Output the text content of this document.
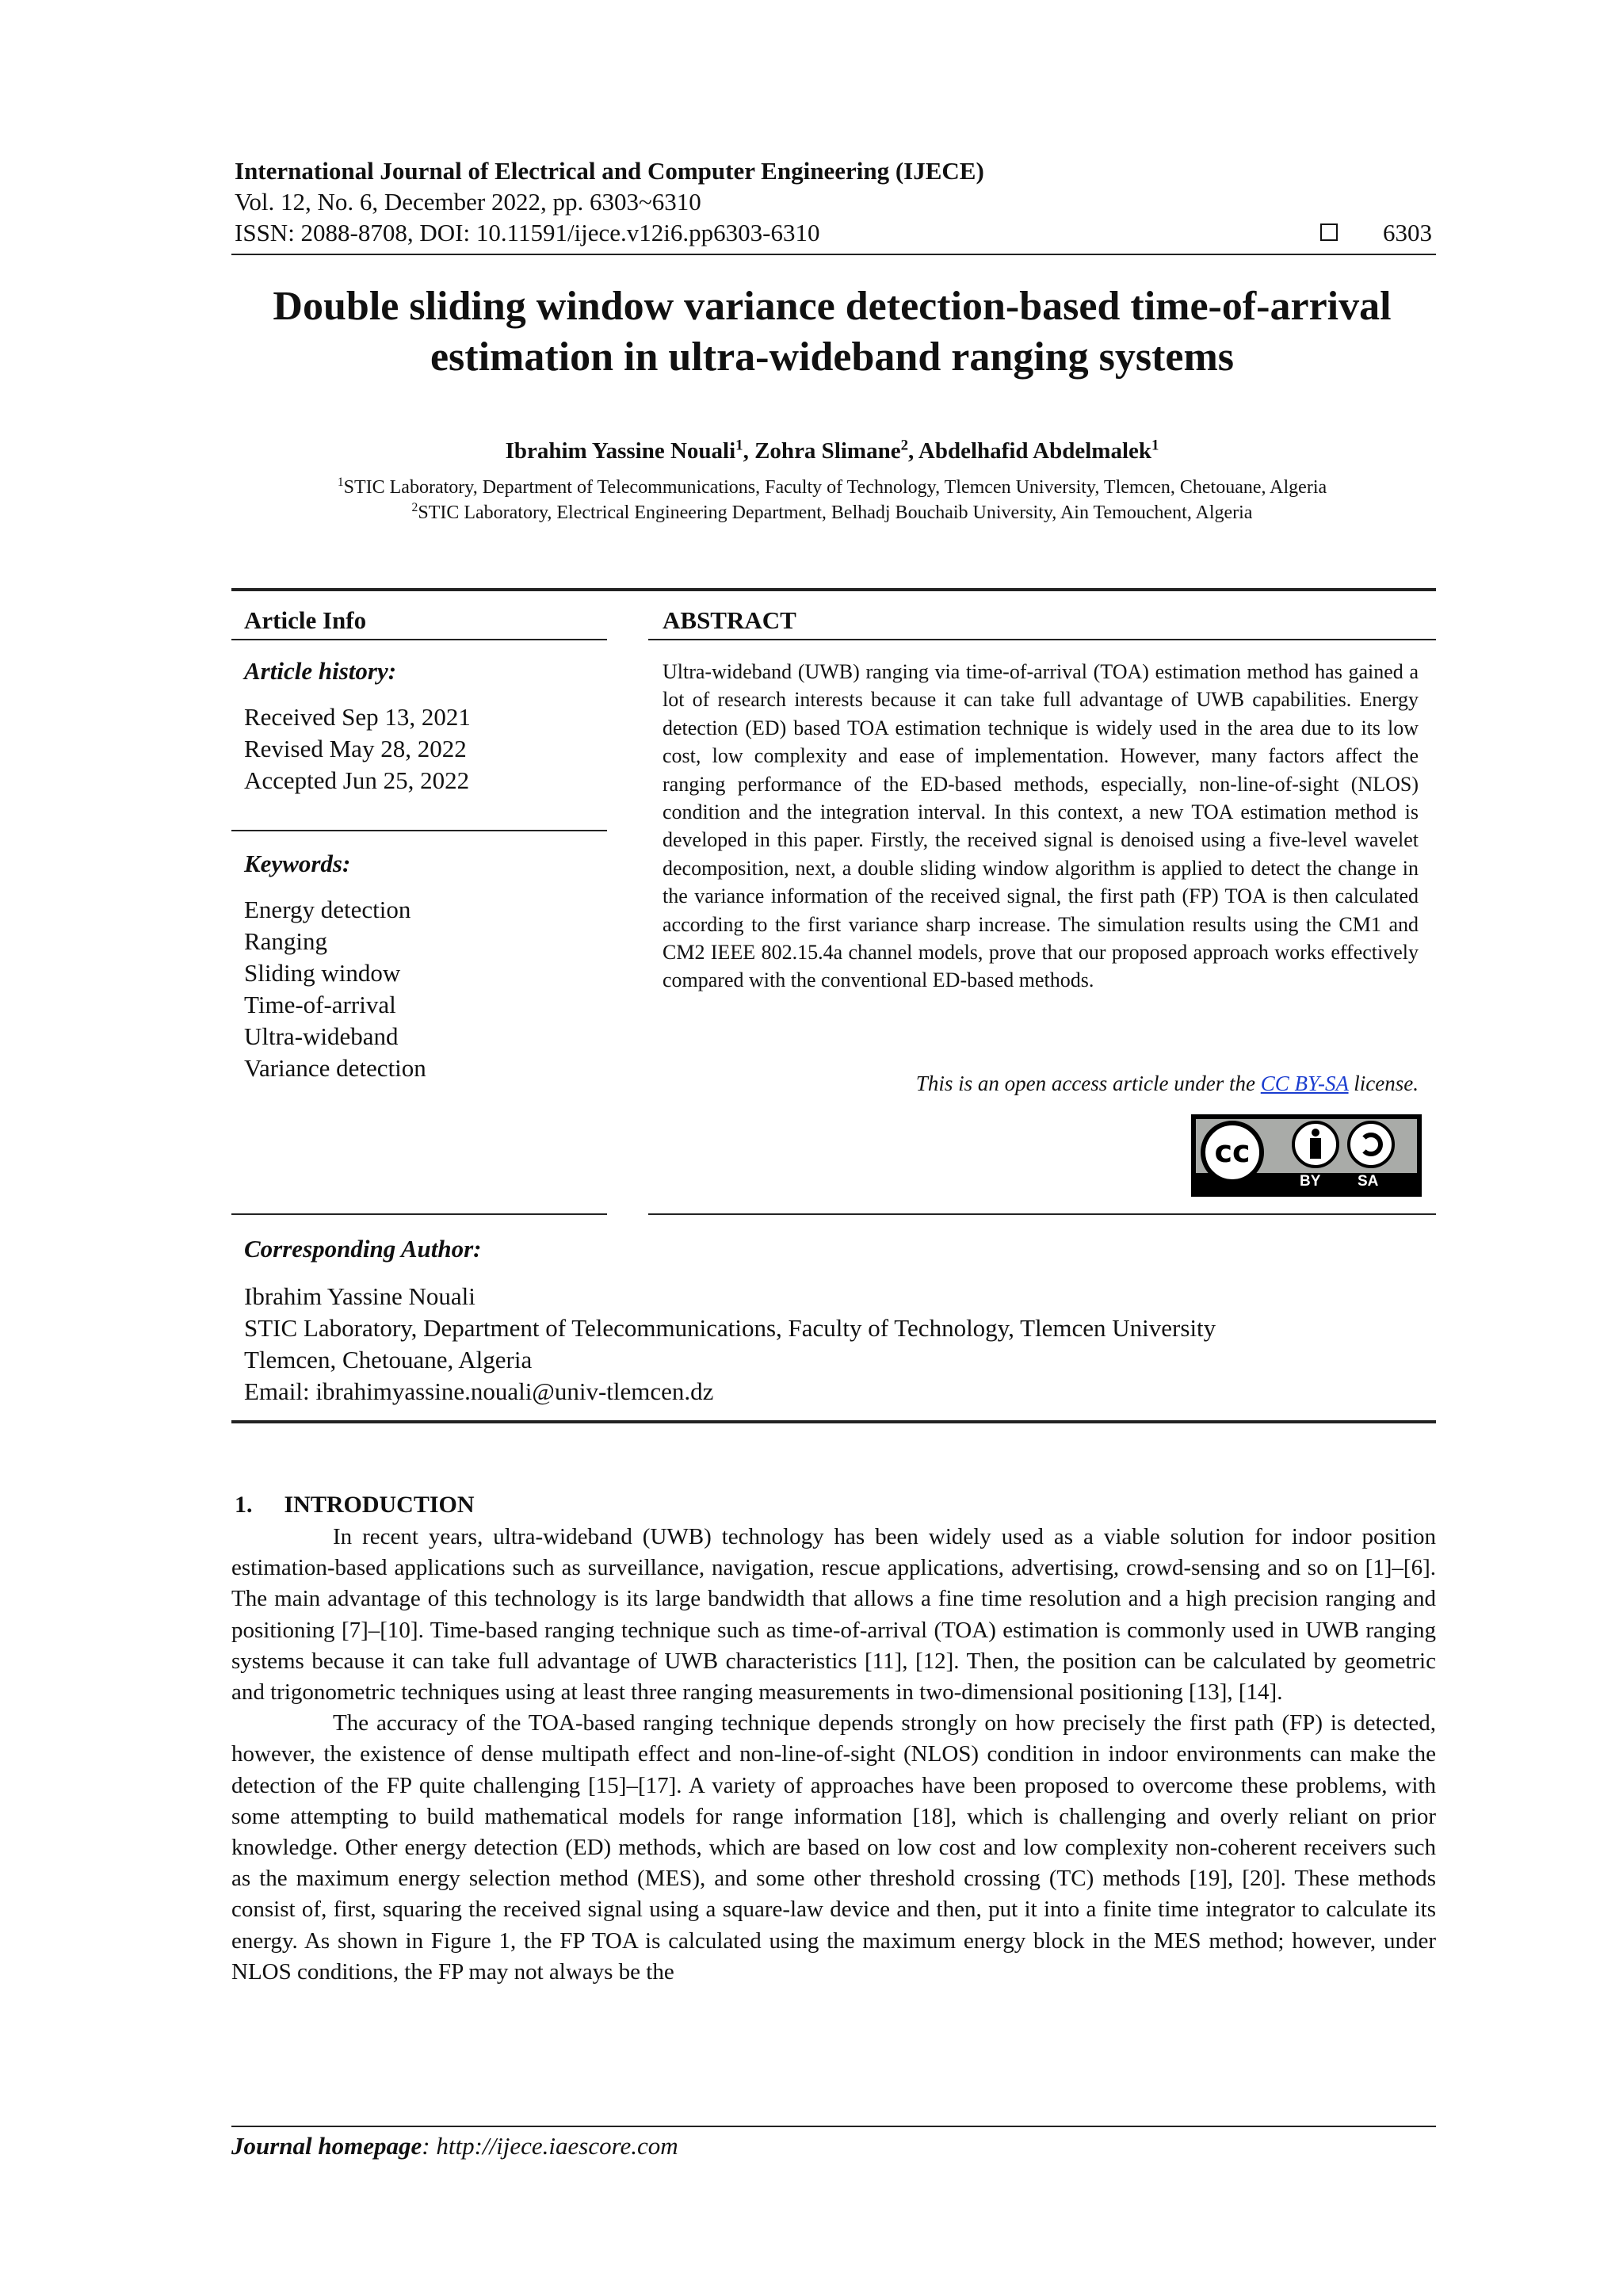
International Journal of Electrical and Computer Engineering (IJECE)
Vol. 12, No. 6, December 2022, pp. 6303~6310
ISSN: 2088-8708, DOI: 10.11591/ijece.v12i6.pp6303-6310	6303
Double sliding window variance detection-based time-of-arrival
estimation in ultra-wideband ranging systems
Ibrahim Yassine Nouali$^1$, Zohra Slimane$^2$, Abdelhafid Abdelmalek$^1$
$^1$STIC Laboratory, Department of Telecommunications, Faculty of Technology, Tlemcen University, Tlemcen, Chetouane, Algeria
$^2$STIC Laboratory, Electrical Engineering Department, Belhadj Bouchaib University, Ain Temouchent, Algeria
Article Info
Article history:
Received Sep 13, 2021
Revised May 28, 2022
Accepted Jun 25, 2022
Keywords:
Energy detection
Ranging
Sliding window
Time-of-arrival
Ultra-wideband
Variance detection
ABSTRACT
Ultra-wideband (UWB) ranging via time-of-arrival (TOA) estimation method has gained a lot of research interests because it can take full advantage of UWB capabilities. Energy detection (ED) based TOA estimation technique is widely used in the area due to its low cost, low complexity and ease of implementation. However, many factors affect the ranging performance of the ED-based methods, especially, non-line-of-sight (NLOS) condition and the integration interval. In this context, a new TOA estimation method is developed in this paper. Firstly, the received signal is denoised using a five-level wavelet decomposition, next, a double sliding window algorithm is applied to detect the change in the variance information of the received signal, the first path (FP) TOA is then calculated according to the first variance sharp increase. The simulation results using the CM1 and CM2 IEEE 802.15.4a channel models, prove that our proposed approach works effectively compared with the conventional ED-based methods.
This is an open access article under the CC BY-SA license.
cc
BY SA
Corresponding Author:
Ibrahim Yassine Nouali
STIC Laboratory, Department of Telecommunications, Faculty of Technology, Tlemcen University
Tlemcen, Chetouane, Algeria
Email: ibrahimyassine.nouali@univ-tlemcen.dz
1. INTRODUCTION

In recent years, ultra-wideband (UWB) technology has been widely used as a viable solution for indoor position estimation-based applications such as surveillance, navigation, rescue applications, advertising, crowd-sensing and so on [1]–[6]. The main advantage of this technology is its large bandwidth that allows a fine time resolution and a high precision ranging and positioning [7]–[10]. Time-based ranging technique such as time-of-arrival (TOA) estimation is commonly used in UWB ranging systems because it can take full advantage of UWB characteristics [11], [12]. Then, the position can be calculated by geometric and trigonometric techniques using at least three ranging measurements in two-dimensional positioning [13], [14].

The accuracy of the TOA-based ranging technique depends strongly on how precisely the first path (FP) is detected, however, the existence of dense multipath effect and non-line-of-sight (NLOS) condition in indoor environments can make the detection of the FP quite challenging [15]–[17]. A variety of approaches have been proposed to overcome these problems, with some attempting to build mathematical models for range information [18], which is challenging and overly reliant on prior knowledge. Other energy detection (ED) methods, which are based on low cost and low complexity non-coherent receivers such as the maximum energy selection method (MES), and some other threshold crossing (TC) methods [19], [20]. These methods consist of, first, squaring the received signal using a square-law device and then, put it into a finite time integrator to calculate its energy. As shown in Figure 1, the FP TOA is calculated using the maximum energy block in the MES method; however, under NLOS conditions, the FP may not always be the

Journal homepage: http://ijece.iaescore.com
